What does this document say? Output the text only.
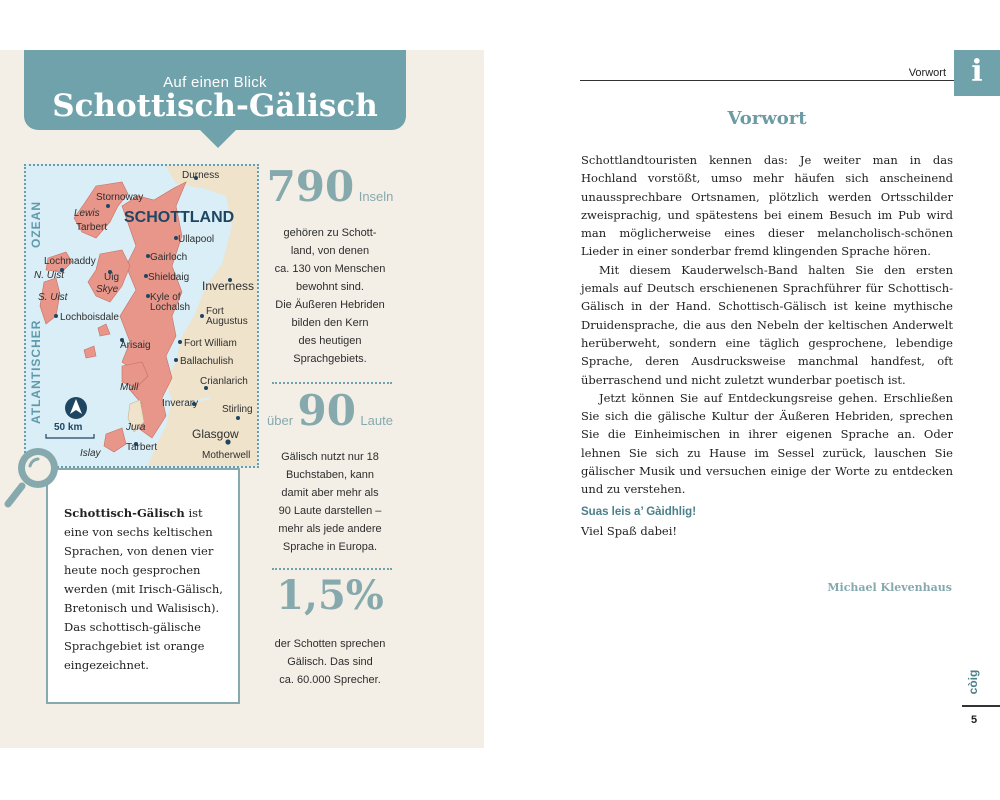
Auf einen Blick
Schottisch-Gälisch
Durness
Stornoway
Lewis
Tarbert
SCHOTTLAND
Ullapool
Gairloch
Lochmaddy
N. Uist	Uig	Shieldaig
Skye	Inverness
S. Uist	Kyle of
Lochalsh Fort
Augustus
Lochboisdale
Arisaig	Fort William
Ballachulish
Mull
Crianlarich
Inverary
Stirling
Jura	Glasgow
Tarbert
Islay	Motherwell
ATLANTISCHER
OZEAN
50 km
790 Inseln
gehören zu Schott-
land, von denen
ca. 130 von Menschen
bewohnt sind.
Die Äußeren Hebriden
bilden den Kern
des heutigen
Sprachgebiets.
über 90 Laute
Gälisch nutzt nur 18
Buchstaben, kann
damit aber mehr als
90 Laute darstellen –
mehr als jede andere
Sprache in Europa.
1,5%
der Schotten sprechen
Gälisch. Das sind
ca. 60.000 Sprecher.

Schottisch-Gälisch ist eine von sechs keltischen Sprachen, von denen vier heute noch gesprochen werden (mit Irisch-Gälisch, Bretonisch und Walisisch). Das schottisch-gälische Sprachgebiet ist orange eingezeichnet.

Vorwort i
Vorwort

Schottlandtouristen kennen das: Je weiter man in das Hochland vorstößt, umso mehr häufen sich anscheinend unaussprechbare Ortsnamen, plötzlich werden Ortsschilder zweisprachig, und spätestens bei einem Besuch im Pub wird man möglicherweise eines dieser melancholisch-schönen Lieder in einer sonderbar fremd klingenden Sprache hören.

Mit diesem Kauderwelsch-Band halten Sie den ersten jemals auf Deutsch erschienenen Sprachführer für Schottisch-Gälisch in der Hand. Schottisch-Gälisch ist keine mythische Druidensprache, die aus den Nebeln der keltischen Anderwelt herüberweht, sondern eine täglich gesprochene, lebendige Sprache, deren Ausdrucksweise manchmal handfest, oft überraschend und nicht zuletzt wunderbar poetisch ist.

Jetzt können Sie auf Entdeckungsreise gehen. Erschließen Sie sich die gälische Kultur der Äußeren Hebriden, sprechen Sie die Einheimischen in ihrer eigenen Sprache an. Oder lehnen Sie sich zu Hause im Sessel zurück, lauschen Sie gälischer Musik und versuchen einige der Worte zu entdecken und zu verstehen.

Suas leis a’ Gàidhlig!
Viel Spaß dabei!
Michael Klevenhaus
còig
5
